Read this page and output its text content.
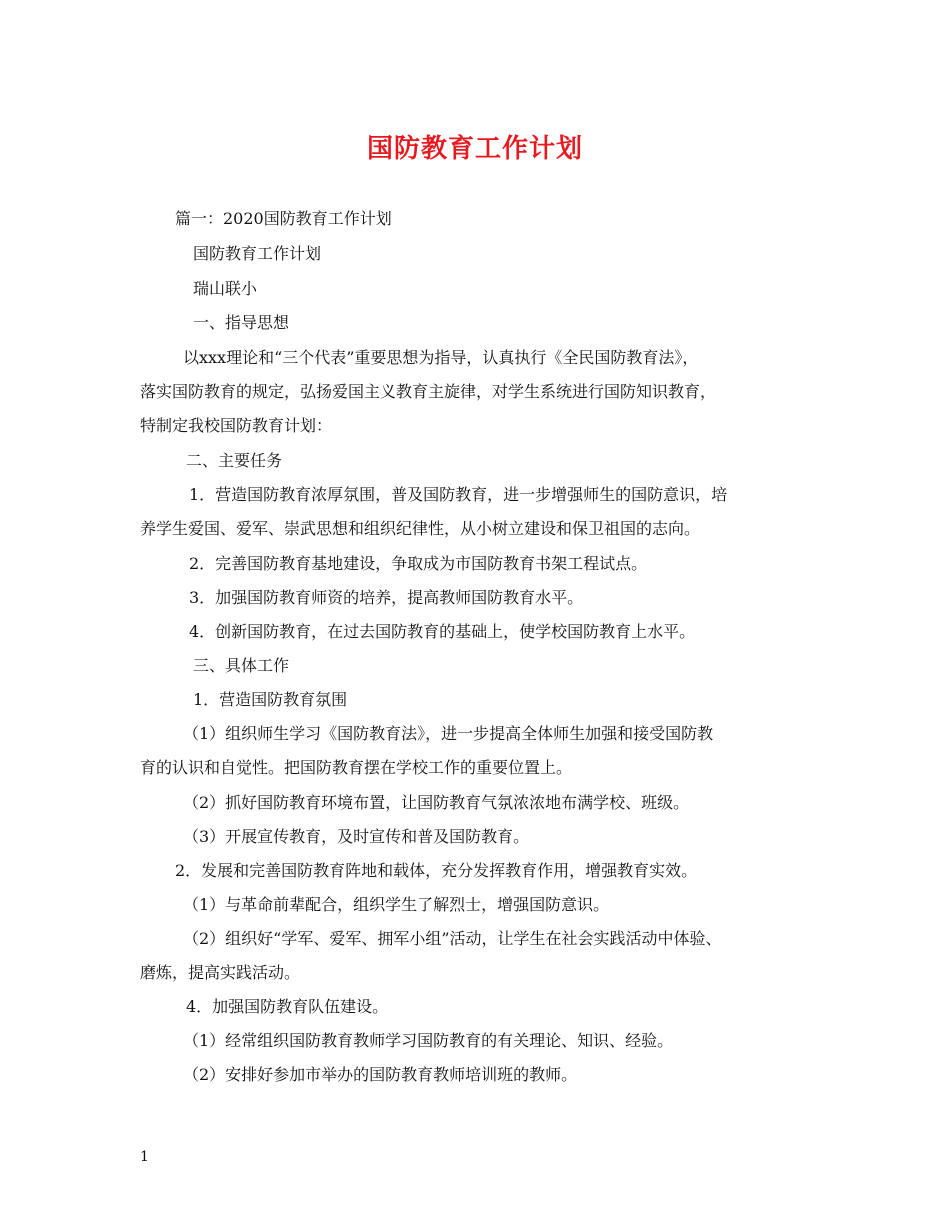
国防教育工作计划
篇一：2020国防教育工作计划
国防教育工作计划
瑞山联小
一、指导思想
以xxx理论和“三个代表”重要思想为指导，认真执行《全民国防教育法》，
落实国防教育的规定，弘扬爱国主义教育主旋律，对学生系统进行国防知识教育，
特制定我校国防教育计划：
二、主要任务
1．营造国防教育浓厚氛围，普及国防教育，进一步增强师生的国防意识，培
养学生爱国、爱军、崇武思想和组织纪律性，从小树立建设和保卫祖国的志向。
2．完善国防教育基地建设，争取成为市国防教育书架工程试点。
3．加强国防教育师资的培养，提高教师国防教育水平。
4．创新国防教育，在过去国防教育的基础上，使学校国防教育上水平。
三、具体工作
1．营造国防教育氛围
（1）组织师生学习《国防教育法》，进一步提高全体师生加强和接受国防教
育的认识和自觉性。把国防教育摆在学校工作的重要位置上。
（2）抓好国防教育环境布置，让国防教育气氛浓浓地布满学校、班级。
（3）开展宣传教育，及时宣传和普及国防教育。
2．发展和完善国防教育阵地和载体，充分发挥教育作用，增强教育实效。
（1）与革命前辈配合，组织学生了解烈士，增强国防意识。
（2）组织好“学军、爱军、拥军小组”活动，让学生在社会实践活动中体验、
磨炼，提高实践活动。
4．加强国防教育队伍建设。
（1）经常组织国防教育教师学习国防教育的有关理论、知识、经验。
（2）安排好参加市举办的国防教育教师培训班的教师。
1
